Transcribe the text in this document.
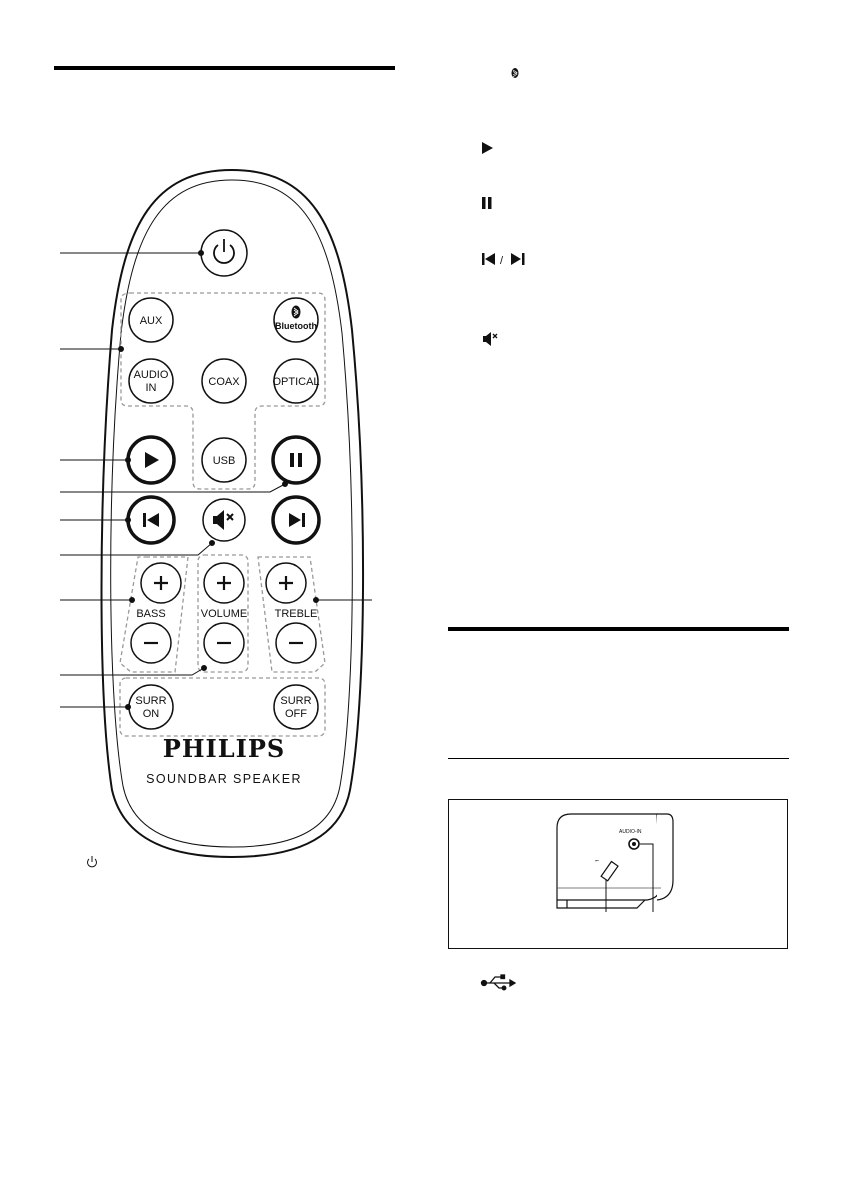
AUX	Bluetooth
AUDIO
IN	COAX	OPTICAL
USB
BASS	VOLUME TREBLE
SURR
ON
SURR
OFF
PHILIPS
SOUNDBAR SPEAKER
/
AUDIO-IN
⭠
